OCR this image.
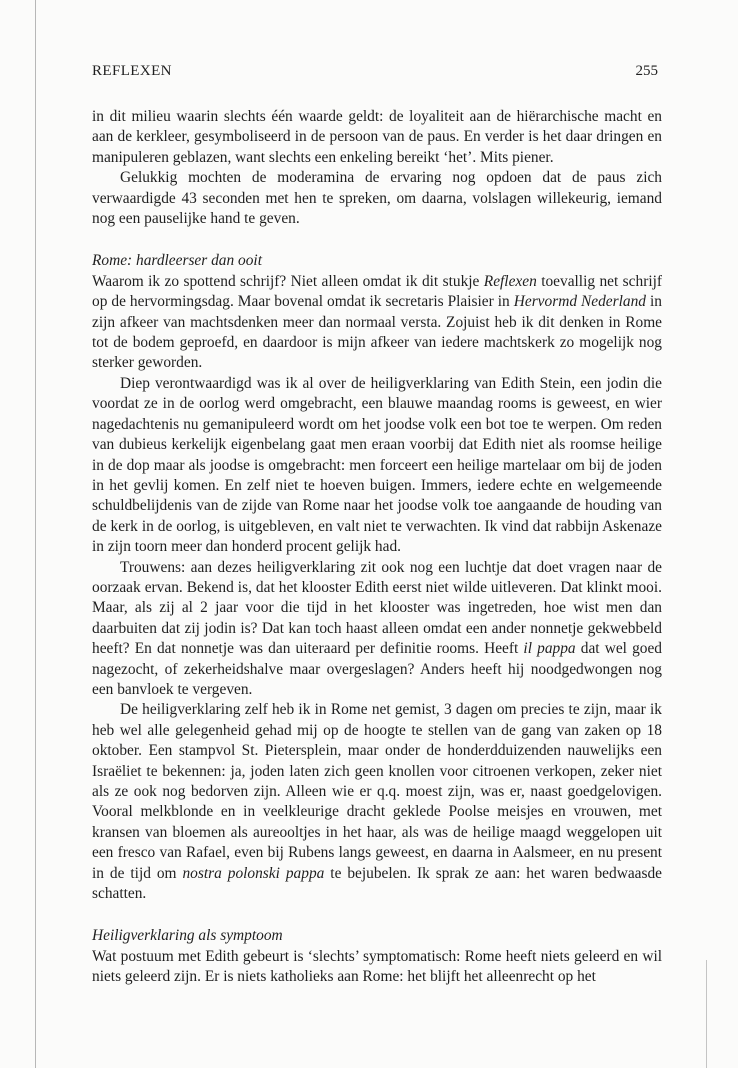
REFLEXEN	255

in dit milieu waarin slechts één waarde geldt: de loyaliteit aan de hiërarchische macht en aan de kerkleer, gesymboliseerd in de persoon van de paus. En verder is het daar dringen en manipuleren geblazen, want slechts een enkeling bereikt ‘het’. Mits piener.

Gelukkig mochten de moderamina de ervaring nog opdoen dat de paus zich verwaardigde 43 seconden met hen te spreken, om daarna, volslagen willekeurig, iemand nog een pauselijke hand te geven.

Rome: hardleerser dan ooit

Waarom ik zo spottend schrijf? Niet alleen omdat ik dit stukje Reflexen toevallig net schrijf op de hervormingsdag. Maar bovenal omdat ik secretaris Plaisier in Hervormd Nederland in zijn afkeer van machtsdenken meer dan normaal versta. Zojuist heb ik dit denken in Rome tot de bodem geproefd, en daardoor is mijn afkeer van iedere machtskerk zo mogelijk nog sterker geworden.

Diep verontwaardigd was ik al over de heiligverklaring van Edith Stein, een jodin die voordat ze in de oorlog werd omgebracht, een blauwe maandag rooms is geweest, en wier nagedachtenis nu gemanipuleerd wordt om het joodse volk een bot toe te werpen. Om reden van dubieus kerkelijk eigenbelang gaat men eraan voorbij dat Edith niet als roomse heilige in de dop maar als joodse is omgebracht: men forceert een heilige martelaar om bij de joden in het gevlij komen. En zelf niet te hoeven buigen. Immers, iedere echte en welgemeende schuldbelijdenis van de zijde van Rome naar het joodse volk toe aangaande de houding van de kerk in de oorlog, is uitgebleven, en valt niet te verwachten. Ik vind dat rabbijn Askenaze in zijn toorn meer dan honderd procent gelijk had.

Trouwens: aan dezes heiligverklaring zit ook nog een luchtje dat doet vragen naar de oorzaak ervan. Bekend is, dat het klooster Edith eerst niet wilde uitleveren. Dat klinkt mooi. Maar, als zij al 2 jaar voor die tijd in het klooster was ingetreden, hoe wist men dan daarbuiten dat zij jodin is? Dat kan toch haast alleen omdat een ander nonnetje gekwebbeld heeft? En dat nonnetje was dan uiteraard per definitie rooms. Heeft il pappa dat wel goed nagezocht, of zekerheidshalve maar overgeslagen? Anders heeft hij noodgedwongen nog een banvloek te vergeven.

De heiligverklaring zelf heb ik in Rome net gemist, 3 dagen om precies te zijn, maar ik heb wel alle gelegenheid gehad mij op de hoogte te stellen van de gang van zaken op 18 oktober. Een stampvol St. Pietersplein, maar onder de honderdduizenden nauwelijks een Israëliet te bekennen: ja, joden laten zich geen knollen voor citroenen verkopen, zeker niet als ze ook nog bedorven zijn. Alleen wie er q.q. moest zijn, was er, naast goedgelovigen. Vooral melkblonde en in veelkleurige dracht geklede Poolse meisjes en vrouwen, met kransen van bloemen als aureooltjes in het haar, als was de heilige maagd weggelopen uit een fresco van Rafael, even bij Rubens langs geweest, en daarna in Aalsmeer, en nu present in de tijd om nostra polonski pappa te bejubelen. Ik sprak ze aan: het waren bedwaasde schatten.

Heiligverklaring als symptoom

Wat postuum met Edith gebeurt is ‘slechts’ symptomatisch: Rome heeft niets geleerd en wil niets geleerd zijn. Er is niets katholieks aan Rome: het blijft het alleenrecht op het
